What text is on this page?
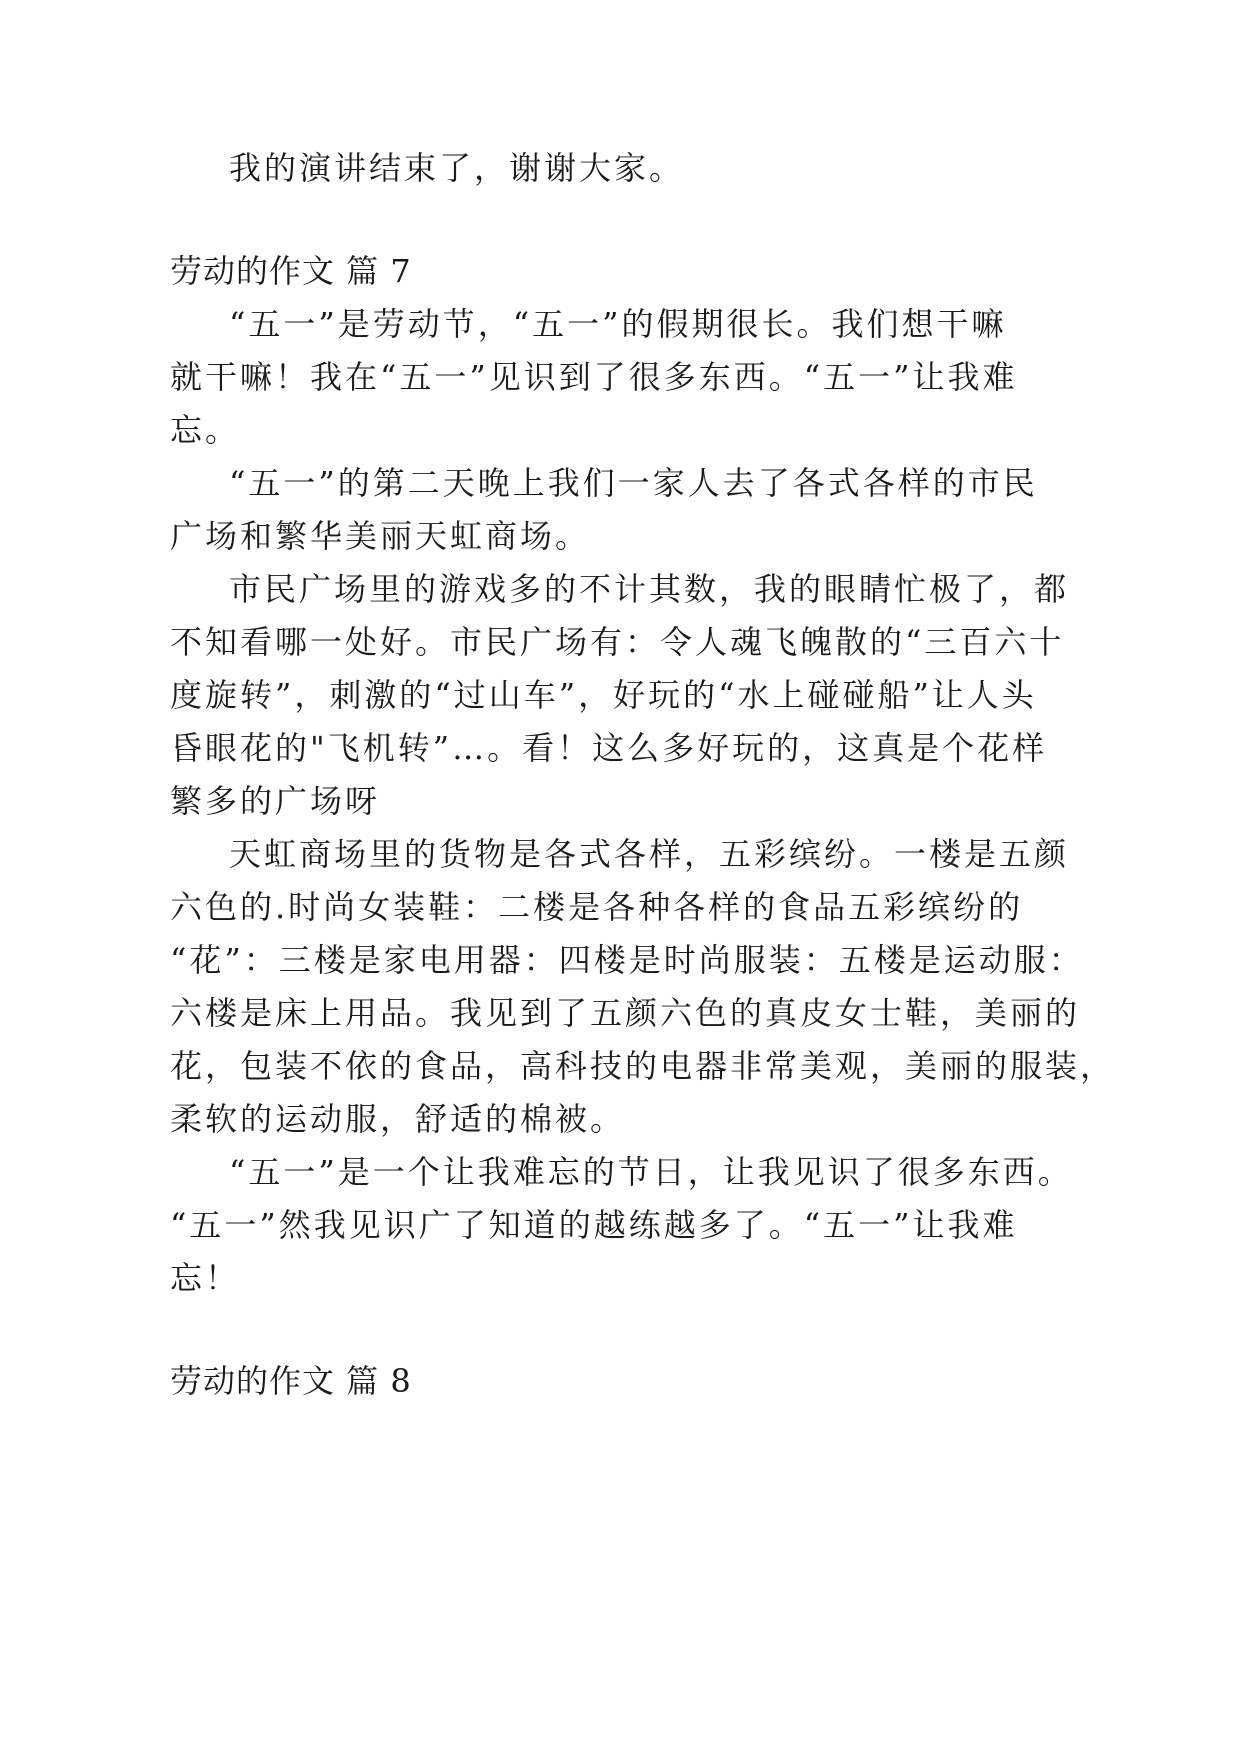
我的演讲结束了，谢谢大家。
劳动的作文 篇 7
“五一”是劳动节，“五一”的假期很长。我们想干嘛
就干嘛！我在“五一”见识到了很多东西。“五一”让我难
忘。
“五一”的第二天晚上我们一家人去了各式各样的市民
广场和繁华美丽天虹商场。
市民广场里的游戏多的不计其数，我的眼睛忙极了，都
不知看哪一处好。市民广场有：令人魂飞魄散的“三百六十
度旋转”，刺激的“过山车”，好玩的“水上碰碰船”让人头
昏眼花的"飞机转”…。看！这么多好玩的，这真是个花样
繁多的广场呀
天虹商场里的货物是各式各样，五彩缤纷。一楼是五颜
六色的.时尚女装鞋：二楼是各种各样的食品五彩缤纷的
“花”：三楼是家电用器：四楼是时尚服装：五楼是运动服：
六楼是床上用品。我见到了五颜六色的真皮女士鞋，美丽的
花，包装不依的食品，高科技的电器非常美观，美丽的服装，
柔软的运动服，舒适的棉被。
“五一”是一个让我难忘的节日，让我见识了很多东西。
“五一”然我见识广了知道的越练越多了。“五一”让我难
忘！
劳动的作文 篇 8
